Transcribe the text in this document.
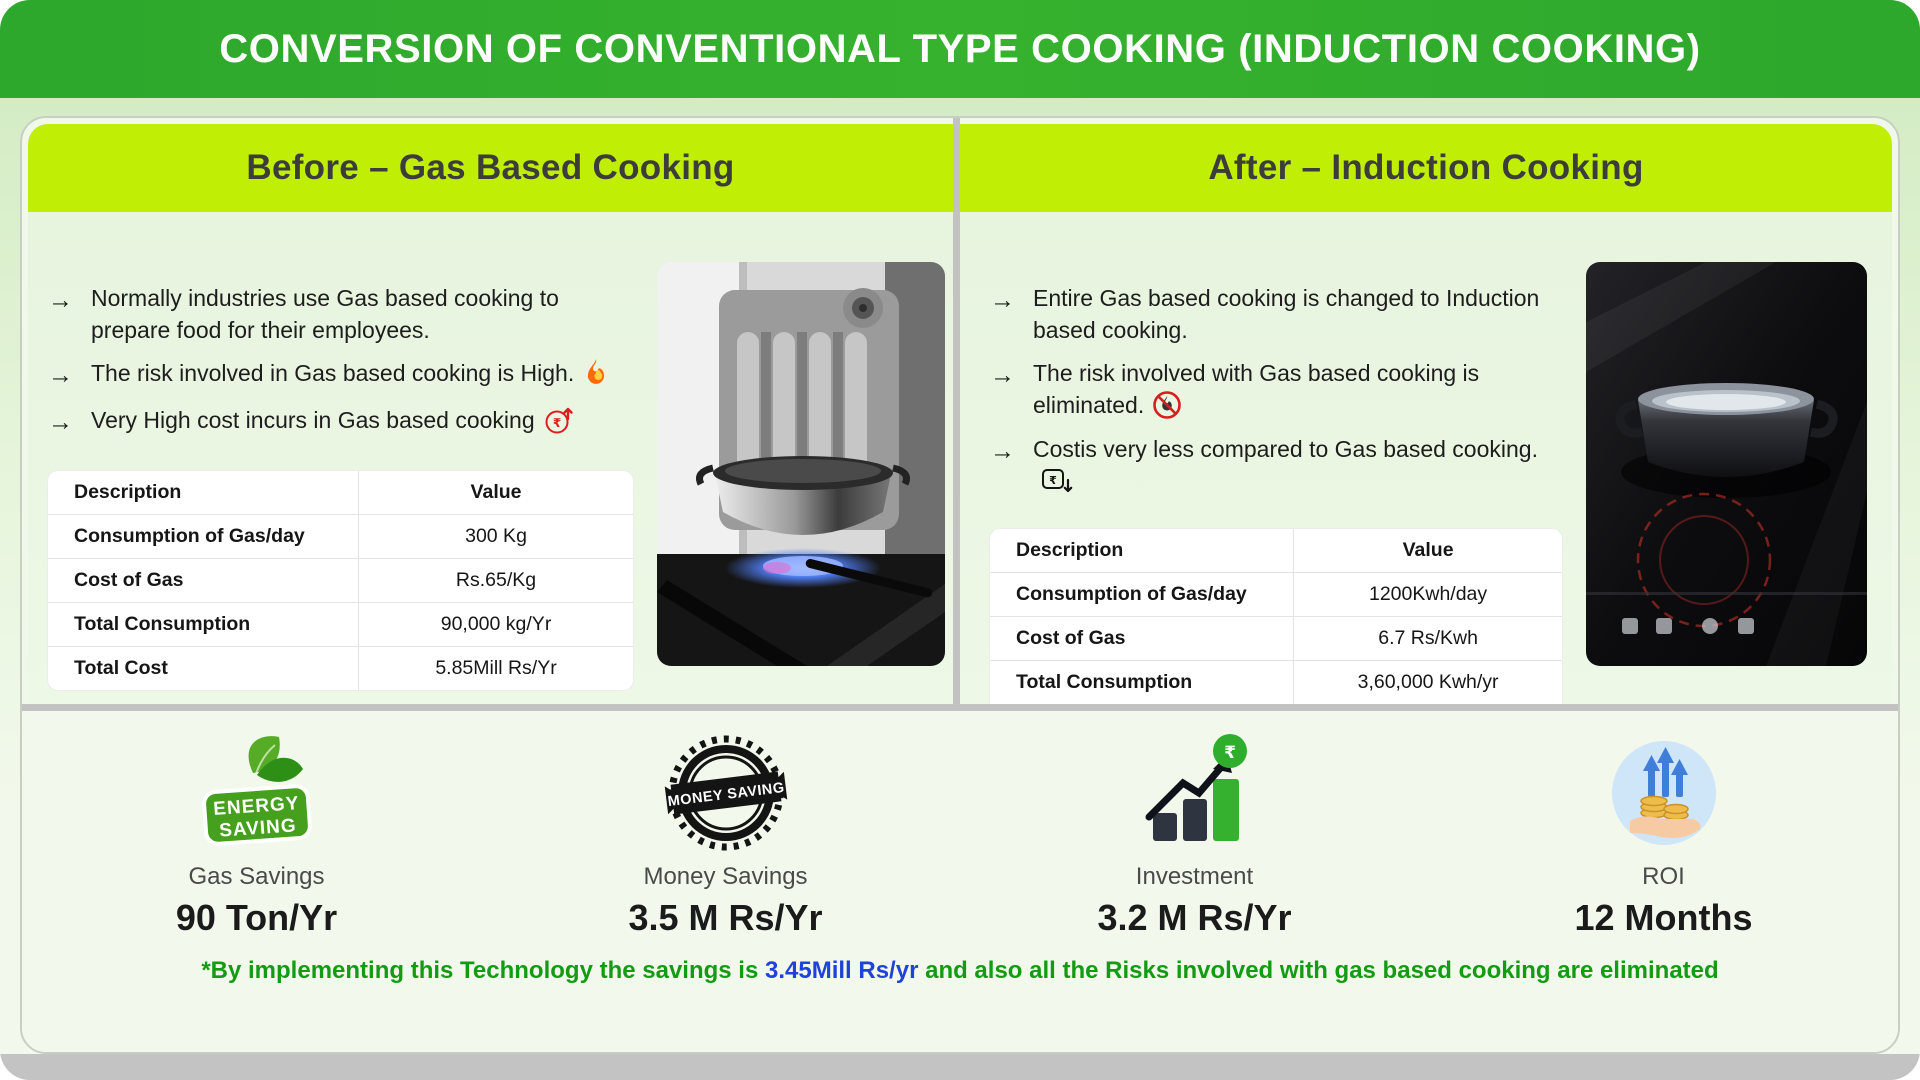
CONVERSION OF CONVENTIONAL TYPE COOKING (INDUCTION COOKING)
Before – Gas Based Cooking
→ Normally industries use Gas based cooking to prepare food for their employees.
→ The risk involved in Gas based cooking is High.
→ Very High cost incurs in Gas based cooking ₹
Description	Value
Consumption of Gas/day	300 Kg
Cost of Gas	Rs.65/Kg
Total Consumption	90,000 kg/Yr
Total Cost	5.85Mill Rs/Yr
After – Induction Cooking
→ Entire Gas based cooking is changed to Induction based cooking.
→ The risk involved with Gas based cooking is eliminated.
→ Costis very less compared to Gas based cooking.
₹
Description	Value
Consumption of Gas/day	1200Kwh/day
Cost of Gas	6.7 Rs/Kwh
Total Consumption	3,60,000 Kwh/yr

ENERGY
SAVING
Gas Savings
90 Ton/Yr
MONEY SAVING
Money Savings
3.5 M Rs/Yr
₹
Investment
3.2 M Rs/Yr
ROI
12 Months
*By implementing this Technology the savings is 3.45Mill Rs/yr and also all the Risks involved with gas based cooking are eliminated
